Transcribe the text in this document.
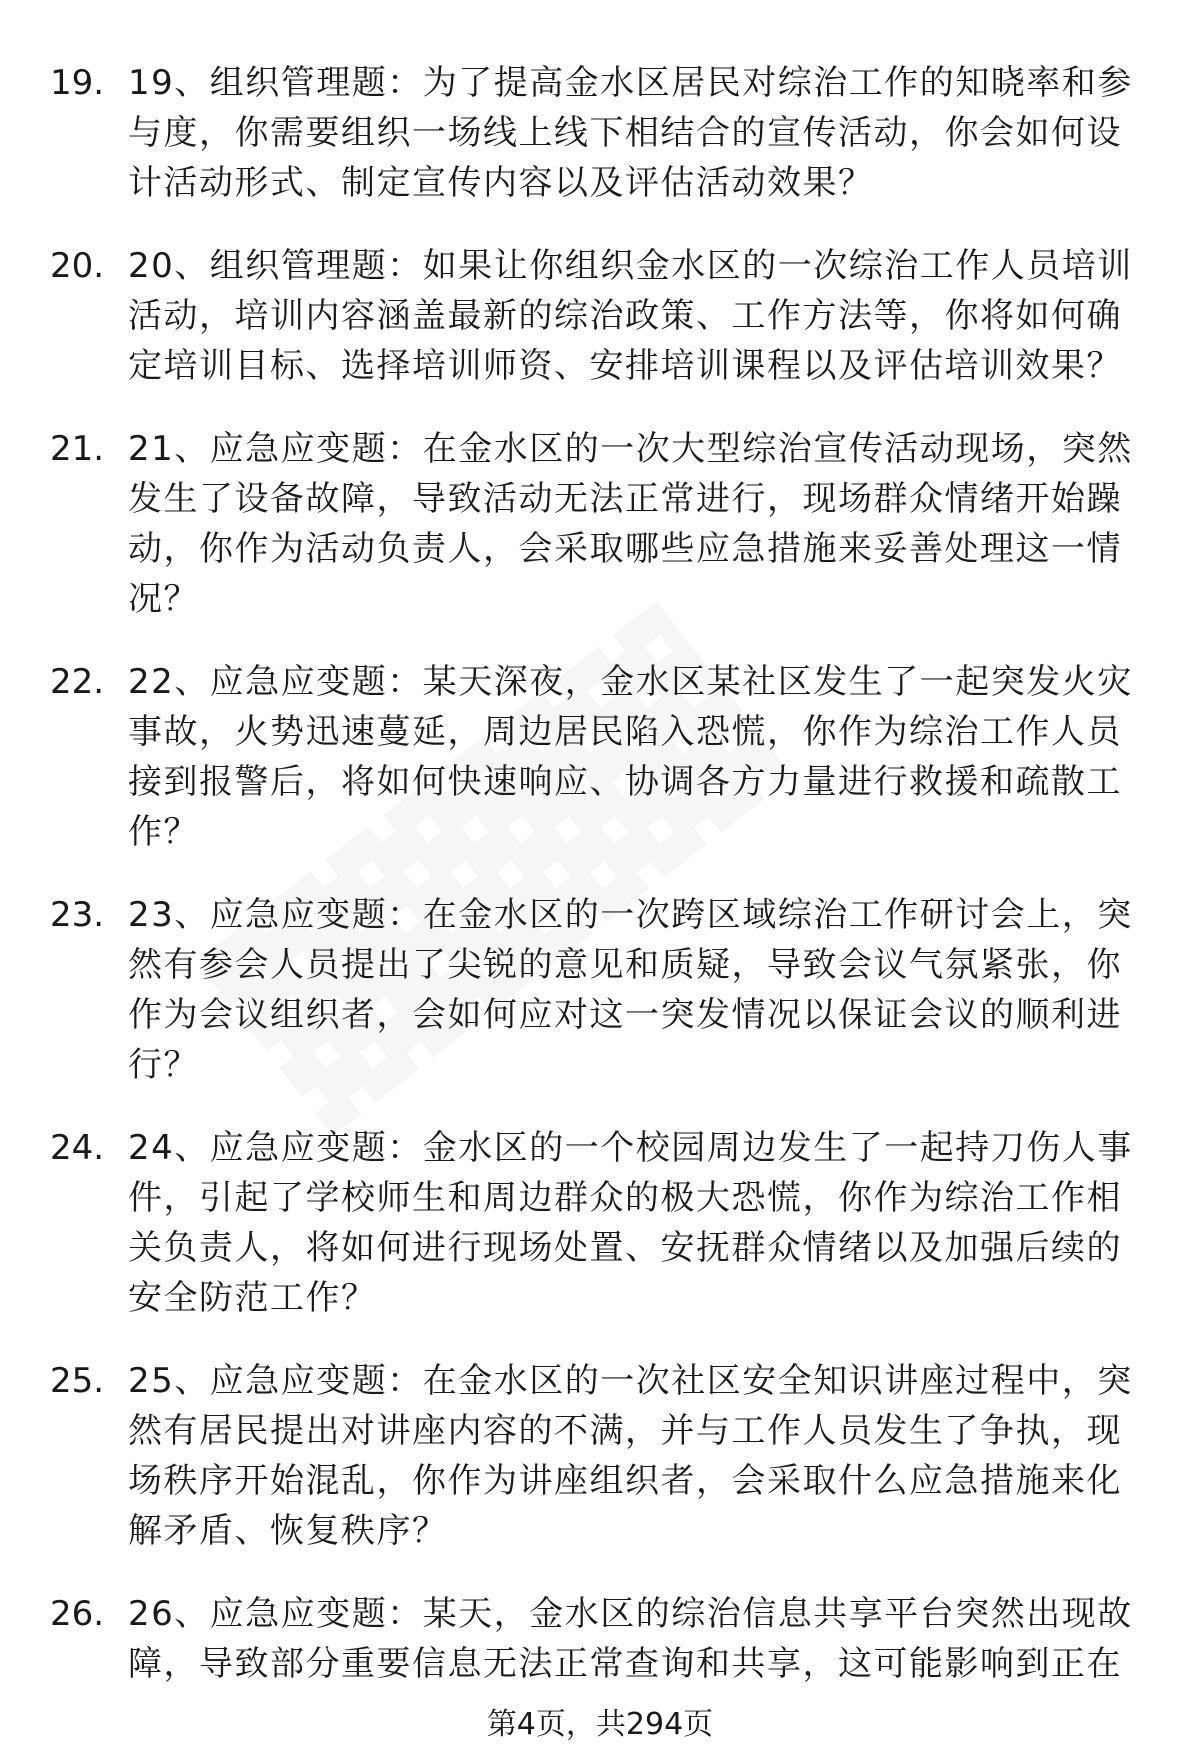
19. 19、组织管理题：为了提高金水区居民对综治工作的知晓率和参与度，你需要组织一场线上线下相结合的宣传活动，你会如何设计活动形式、制定宣传内容以及评估活动效果？
20. 20、组织管理题：如果让你组织金水区的一次综治工作人员培训活动，培训内容涵盖最新的综治政策、工作方法等，你将如何确定培训目标、选择培训师资、安排培训课程以及评估培训效果？
21. 21、应急应变题：在金水区的一次大型综治宣传活动现场，突然发生了设备故障，导致活动无法正常进行，现场群众情绪开始躁动，你作为活动负责人，会采取哪些应急措施来妥善处理这一情况？
22. 22、应急应变题：某天深夜，金水区某社区发生了一起突发火灾事故，火势迅速蔓延，周边居民陷入恐慌，你作为综治工作人员接到报警后，将如何快速响应、协调各方力量进行救援和疏散工作？
23. 23、应急应变题：在金水区的一次跨区域综治工作研讨会上，突然有参会人员提出了尖锐的意见和质疑，导致会议气氛紧张，你作为会议组织者，会如何应对这一突发情况以保证会议的顺利进行？
24. 24、应急应变题：金水区的一个校园周边发生了一起持刀伤人事件，引起了学校师生和周边群众的极大恐慌，你作为综治工作相关负责人，将如何进行现场处置、安抚群众情绪以及加强后续的安全防范工作？
25. 25、应急应变题：在金水区的一次社区安全知识讲座过程中，突然有居民提出对讲座内容的不满，并与工作人员发生了争执，现场秩序开始混乱，你作为讲座组织者，会采取什么应急措施来化解矛盾、恢复秩序？
26. 26、应急应变题：某天，金水区的综治信息共享平台突然出现故障，导致部分重要信息无法正常查询和共享，这可能影响到正在
第4页，共294页
